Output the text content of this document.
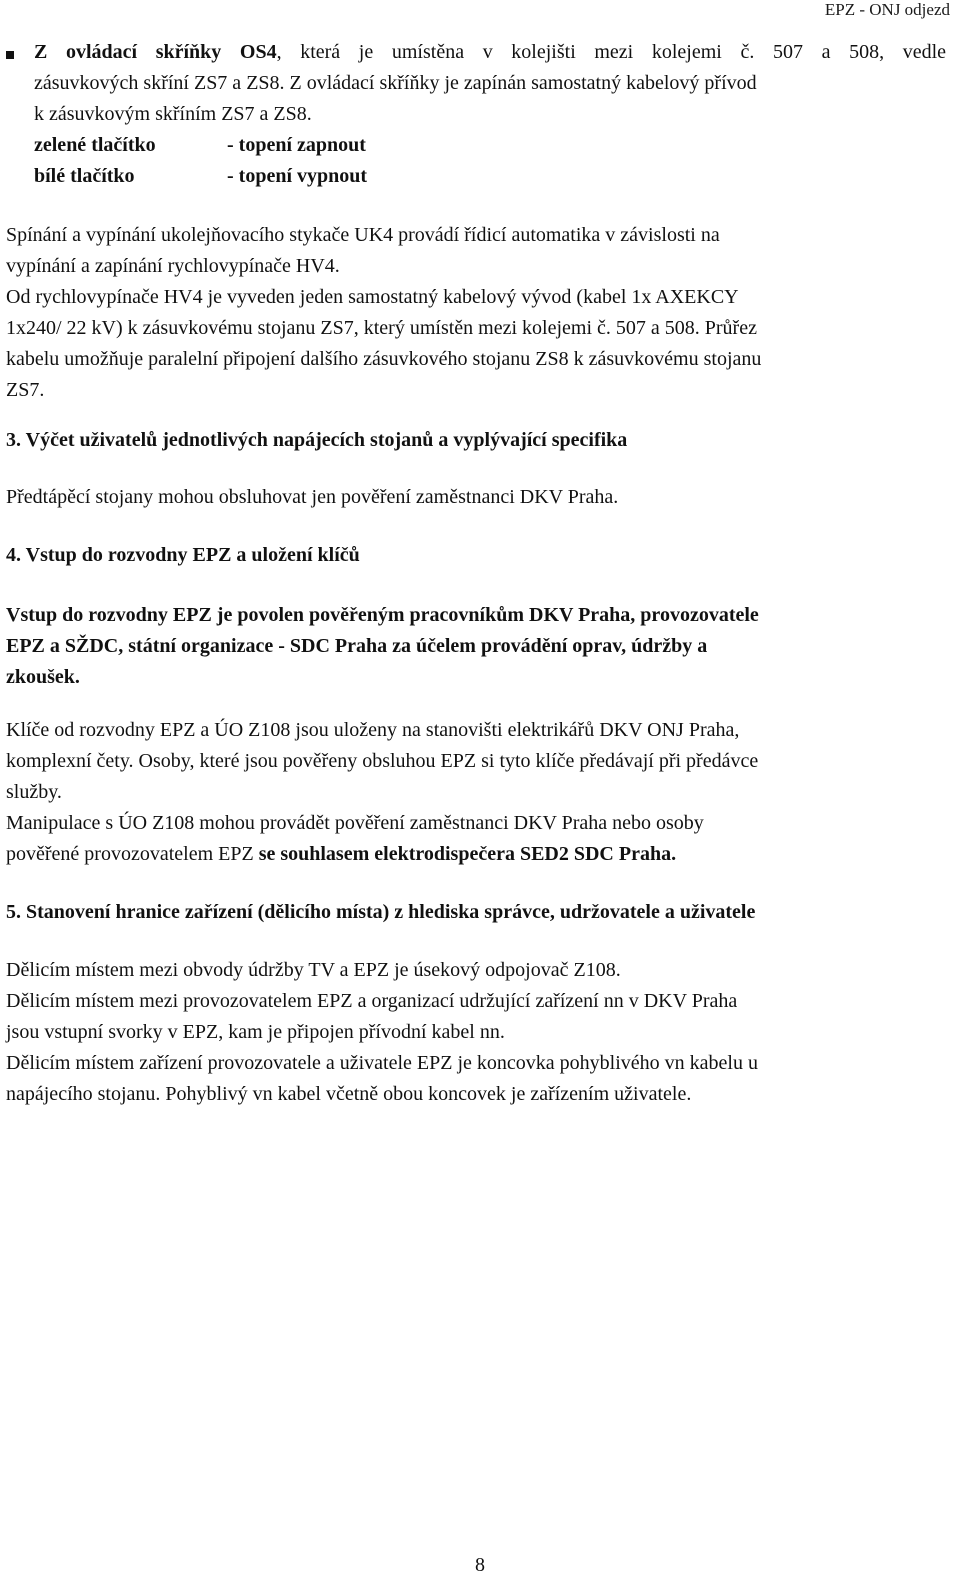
EPZ - ONJ odjezd
Z ovládací skříňky OS4, která je umístěna v kolejišti mezi kolejemi č. 507 a 508, vedle
zásuvkových skříní ZS7 a ZS8. Z ovládací skříňky je zapínán samostatný kabelový přívod
k zásuvkovým skříním ZS7 a ZS8.
zelené tlačítko	- topení zapnout
bílé tlačítko	- topení vypnout
Spínání a vypínání ukolejňovacího stykače UK4 provádí řídicí automatika v závislosti na
vypínání a zapínání rychlovypínače HV4.
Od rychlovypínače HV4 je vyveden jeden samostatný kabelový vývod (kabel 1x AXEKCY
1x240/ 22 kV) k zásuvkovému stojanu ZS7, který umístěn mezi kolejemi č. 507 a 508. Průřez
kabelu umožňuje paralelní připojení dalšího zásuvkového stojanu ZS8 k zásuvkovému stojanu
ZS7.
3. Výčet uživatelů jednotlivých napájecích stojanů a vyplývající specifika
Předtápěcí stojany mohou obsluhovat jen pověření zaměstnanci DKV Praha.
4. Vstup do rozvodny EPZ a uložení klíčů
Vstup do rozvodny EPZ je povolen pověřeným pracovníkům DKV Praha, provozovatele
EPZ a SŽDC, státní organizace - SDC Praha za účelem provádění oprav, údržby a
zkoušek.
Klíče od rozvodny EPZ a ÚO Z108 jsou uloženy na stanovišti elektrikářů DKV ONJ Praha,
komplexní čety. Osoby, které jsou pověřeny obsluhou EPZ si tyto klíče předávají při předávce
služby.
Manipulace s ÚO Z108 mohou provádět pověření zaměstnanci DKV Praha nebo osoby
pověřené provozovatelem EPZ se souhlasem elektrodispečera SED2 SDC Praha.
5. Stanovení hranice zařízení (dělicího místa) z hlediska správce, udržovatele a uživatele
Dělicím místem mezi obvody údržby TV a EPZ je úsekový odpojovač Z108.
Dělicím místem mezi provozovatelem EPZ a organizací udržující zařízení nn v DKV Praha
jsou vstupní svorky v EPZ, kam je připojen přívodní kabel nn.
Dělicím místem zařízení provozovatele a uživatele EPZ je koncovka pohyblivého vn kabelu u
napájecího stojanu. Pohyblivý vn kabel včetně obou koncovek je zařízením uživatele.
8
